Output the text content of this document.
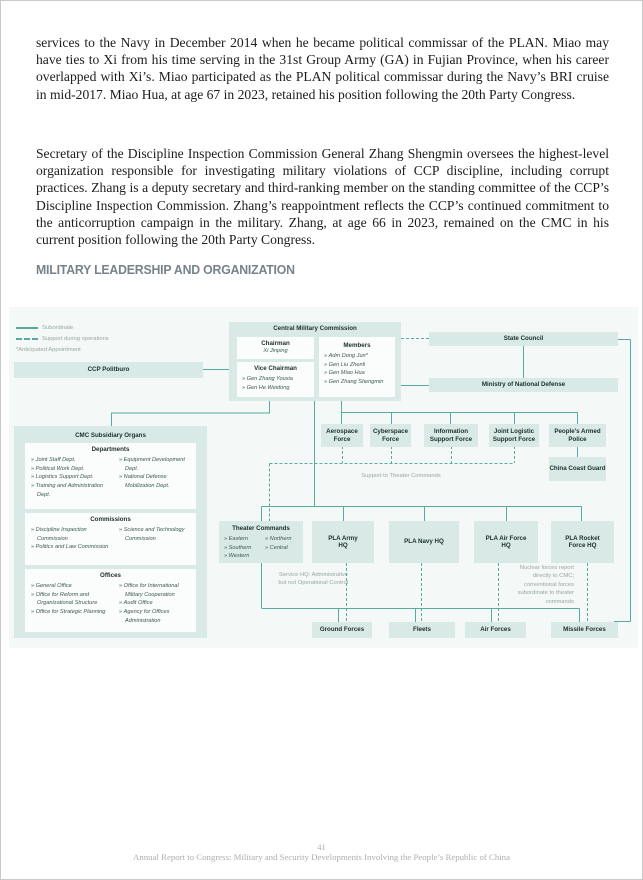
services to the Navy in December 2014 when he became political commissar of the PLAN. Miao may have ties to Xi from his time serving in the 31st Group Army (GA) in Fujian Province, when his career overlapped with Xi’s. Miao participated as the PLAN political commissar during the Navy’s BRI cruise in mid-2017. Miao Hua, at age 67 in 2023, retained his position following the 20th Party Congress.
Secretary of the Discipline Inspection Commission General Zhang Shengmin oversees the highest-level organization responsible for investigating military violations of CCP discipline, including corrupt practices. Zhang is a deputy secretary and third-ranking member on the standing committee of the CCP’s Discipline Inspection Commission. Zhang’s reappointment reflects the CCP’s continued commitment to the anticorruption campaign in the military. Zhang, at age 66 in 2023, remained on the CMC in his current position following the 20th Party Congress.
MILITARY LEADERSHIP AND ORGANIZATION
Subordinate
Support during operations
*Anticipated Appointment
CCP Politburo
Central Military Commission
Chairman
Xi Jinping
Vice Chairman
» Gen Zhang Youxia
» Gen He Weidong
Members
» Adm Dong Jun*
» Gen Liu Zhenli
» Gen Miao Hua
» Gen Zhang Shengmin
State Council
Ministry of National Defense
Aerospace Force
Cyberspace Force
Information Support Force
Joint Logistic Support Force
People's Armed Police
China Coast Guard
Support to Theater Commands
CMC Subsidiary Organs
Departments
» Joint Staff Dept.
» Political Work Dept.
» Logistics Support Dept.
» Training and Administration Dept.
» Equipment Development Dept.
» National Defense Mobilization Dept.
Commissions
» Discipline Inspection Commission
» Politics and Law Commission
» Science and Technology Commission
Offices
» General Office
» Office for Reform and Organizational Structure
» Office for Strategic Planning
» Office for International Military Cooperation
» Audit Office
» Agency for Offices Administration
Theater Commands
» Eastern
» Southern
» Western
» Northern
» Central
PLA Army HQ
PLA Navy HQ
PLA Air Force HQ
PLA Rocket Force HQ
Service HQ: Administrative but not Operational Control
Nuclear forces report directly to CMC; conventional forces subordinate to theater commands
Ground Forces	Fleets	Air Forces	Missile Forces
41
Annual Report to Congress: Military and Security Developments Involving the People’s Republic of China
